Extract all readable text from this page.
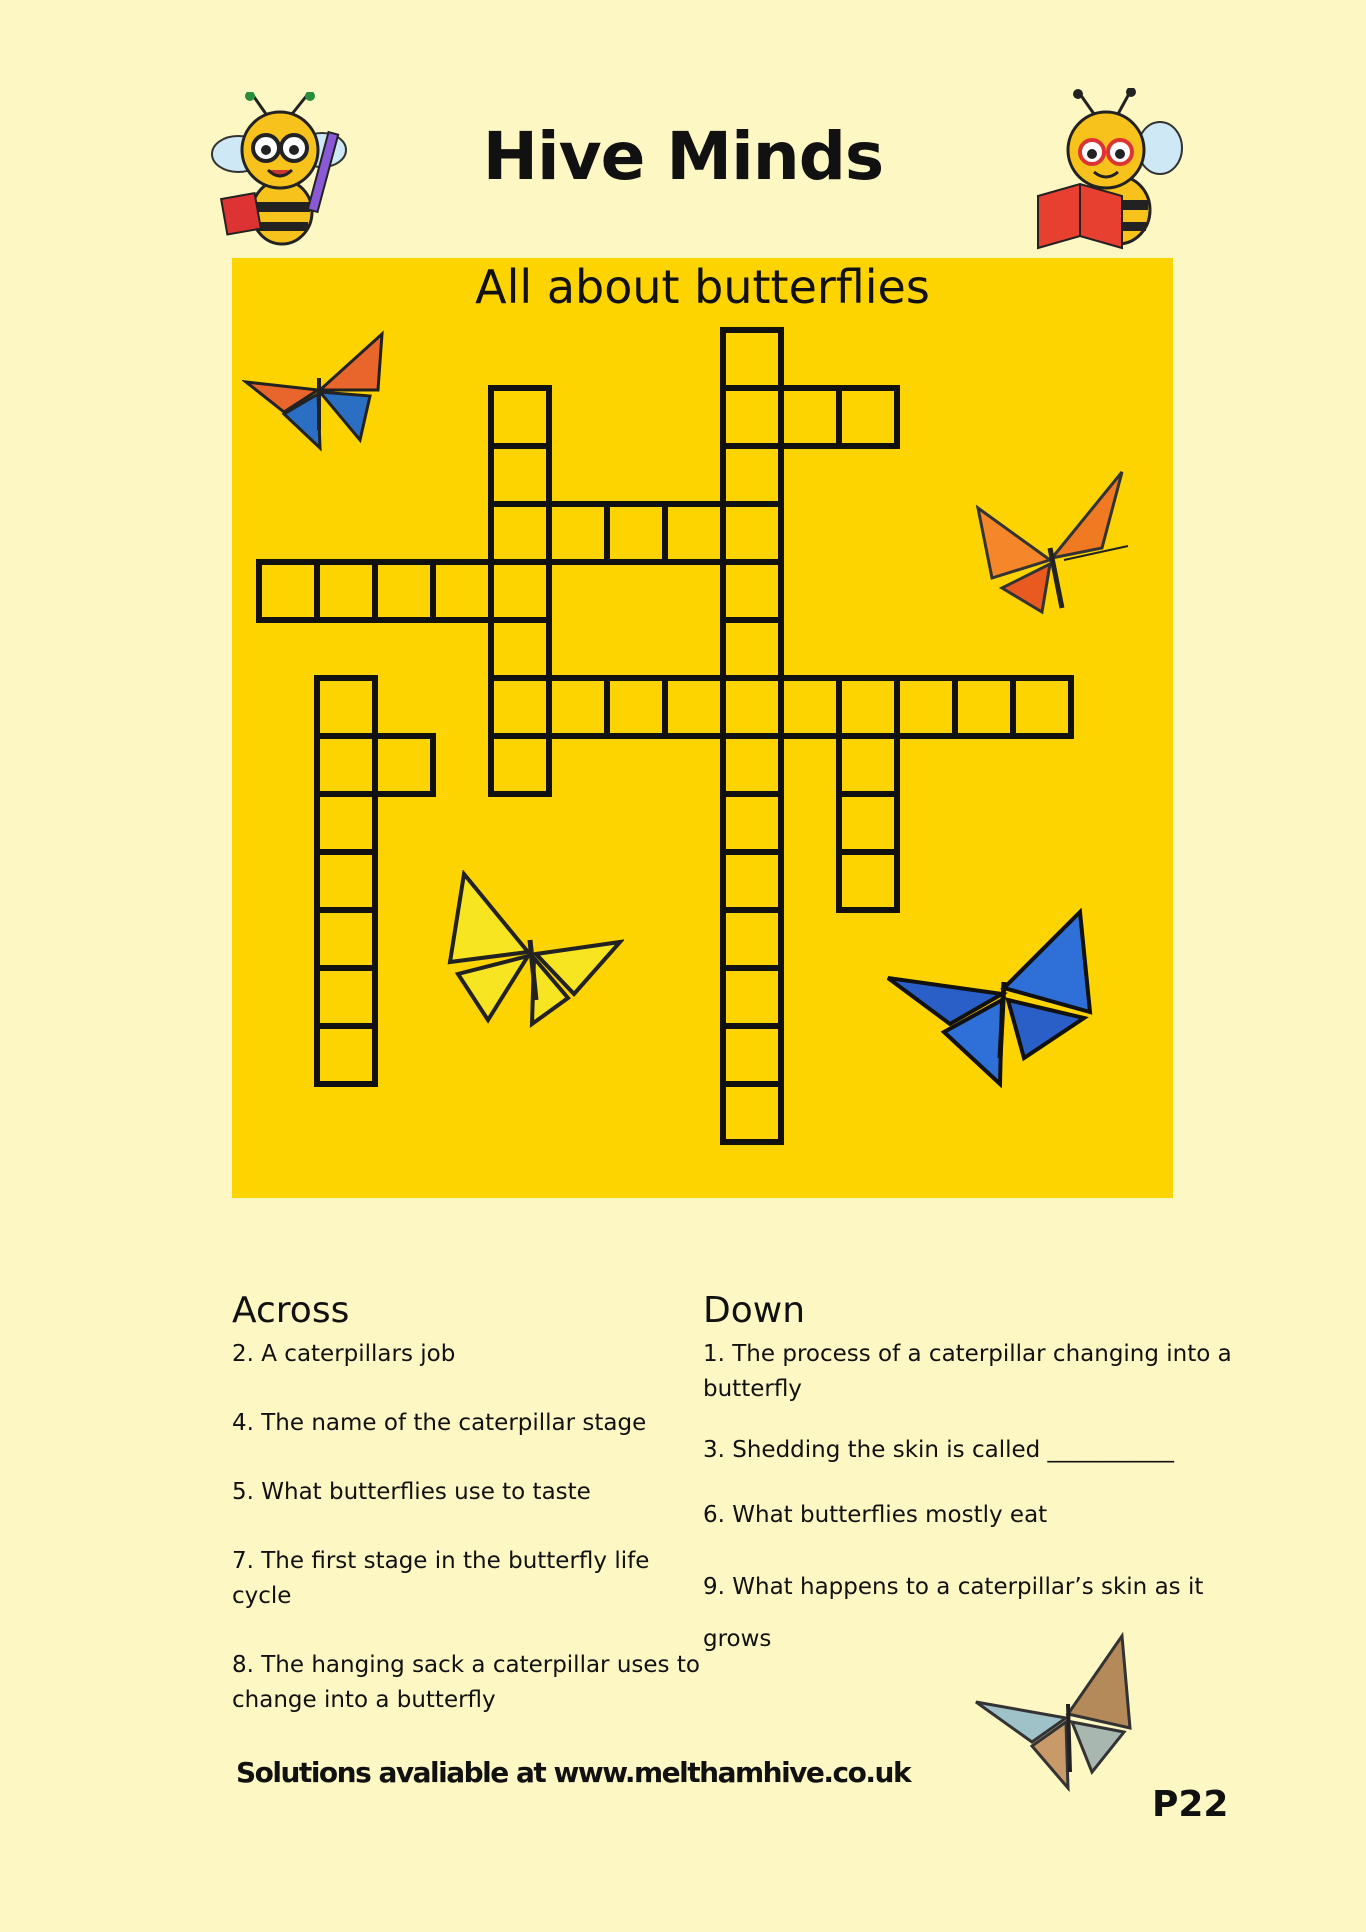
Hive Minds
All about butterflies
Across

2. A caterpillars job

4. The name of the caterpillar stage

5. What butterflies use to taste

7. The first stage in the butterfly life cycle

8. The hanging sack a caterpillar uses to change into a butterfly

Down

1. The process of a caterpillar changing into a butterfly

3. Shedding the skin is called ___________

6. What butterflies mostly eat

9. What happens to a caterpillar’s skin as it grows

Solutions avaliable at www.melthamhive.co.uk

P22
